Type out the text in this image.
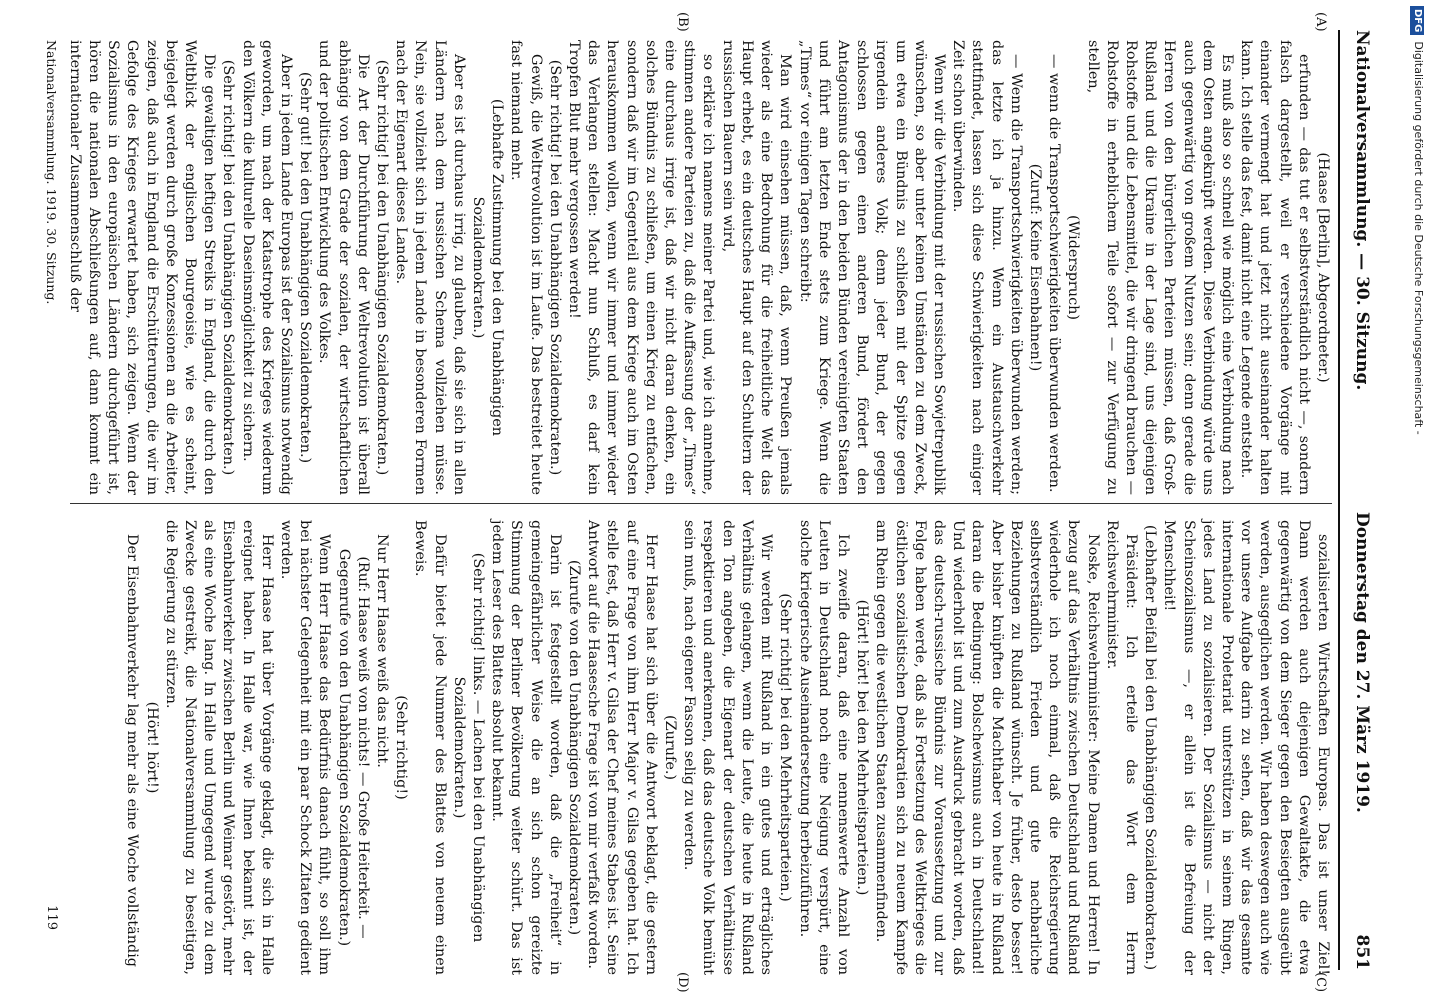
Nationalversammlung. — 30. Sitzung.
Donnerstag den 27. März 1919.
851
(A)
(B)
(C)
(D)

(Haase [Berlin], Abgeordneter.)

erfunden — das tut er selbstverständlich nicht —, sondern falsch dargestellt, weil er verschiedene Vorgänge mit einander vermengt hat und jetzt nicht auseinander halten kann. Ich stelle das fest, damit nicht eine Legende entsteht.

Es muß also so schnell wie möglich eine Verbindung nach dem Osten angeknüpft werden. Diese Verbindung würde uns auch gegenwärtig von großem Nutzen sein; denn gerade die Herren von den bürgerlichen Parteien müssen, daß Groß-Rußland und die Ukraine in der Lage sind, uns diejenigen Rohstoffe und die Lebensmittel, die wir dringend brauchen — Rohstoffe in erheblichem Teile sofort — zur Verfügung zu stellen,

(Widerspruch)

— wenn die Transportschwierigkeiten überwunden werden.

(Zuruf: Keine Eisenbahnen!)

— Wenn die Transportschwierigkeiten überwunden werden; das letzte ich ja hinzu. Wenn ein Austauschverkehr stattfindet, lassen sich diese Schwierigkeiten nach einiger Zeit schon überwinden.

Wenn wir die Verbindung mit der russischen Sowjetrepublik wünschen, so aber unter keinen Umständen zu dem Zweck, um etwa ein Bündnis zu schließen mit der Spitze gegen irgendein anderes Volk; denn jeder Bund, der gegen schlossen gegen einen anderen Bund, fördert den Antagonismus der in den beiden Bünden vereinigten Staaten und führt am letzten Ende stets zum Kriege. Wenn die „Times“ vor einigen Tagen schreibt:

Man wird einsehen müssen, daß, wenn Preußen jemals wieder als eine Bedrohung für die freiheitliche Welt das Haupt erhebt, es ein deutsches Haupt auf den Schultern der russischen Bauern sein wird,

so erkläre ich namens meiner Partei und, wie ich annehme, stimmen andere Parteien zu, daß die Auffassung der „Times“ eine durchaus irrige ist, daß wir nicht daran denken, ein solches Bündnis zu schließen, um einen Krieg zu entfachen, sondern daß wir im Gegenteil aus dem Kriege auch im Osten herauskommen wollen, wenn wir immer und immer wieder das Verlangen stellen: Macht nun Schluß, es darf kein Tropfen Blut mehr vergossen werden!

(Sehr richtig! bei den Unabhängigen Sozialdemokraten.)

Gewiß, die Weltrevolution ist im Laufe. Das bestreitet heute fast niemand mehr.

(Lebhafte Zustimmung bei den Unabhängigen Sozialdemokraten.)

Aber es ist durchaus irrig, zu glauben, daß sie sich in allen Ländern nach dem russischen Schema vollziehen müsse. Nein, sie vollzieht sich in jedem Lande in besonderen Formen nach der Eigenart dieses Landes.

(Sehr richtig! bei den Unabhängigen Sozialdemokraten.)

Die Art der Durchführung der Weltrevolution ist überall abhängig von dem Grade der sozialen, der wirtschaftlichen und der politischen Entwicklung des Volkes.

(Sehr gut! bei den Unabhängigen Sozialdemokraten.)

Aber in jedem Lande Europas ist der Sozialismus notwendig geworden, um nach der Katastrophe des Krieges wiederum den Völkern die kulturelle Daseinsmöglichkeit zu sichern.

(Sehr richtig! bei den Unabhängigen Sozialdemokraten.)

Die gewaltigen heftigen Streiks in England, die durch den Weltblick der englischen Bourgeoisie, wie es scheint, beigelegt werden durch große Konzessionen an die Arbeiter, zeigen, daß auch in England die Erschütterungen, die wir im Gefolge des Krieges erwartet haben, sich zeigen. Wenn der Sozialismus in den europäischen Ländern durchgeführt ist, hören die nationalen Abschließungen auf, dann kommt ein internationaler Zusammenschluß der

sozialisierten Wirtschaften Europas. Das ist unser Ziel! Dann werden auch diejenigen Gewaltakte, die etwa gegenwärtig von dem Sieger gegen den Besiegten ausgeübt werden, ausgeglichen werden. Wir haben deswegen auch wie vor unsere Aufgabe darin zu sehen, daß wir das gesamte internationale Proletariat unterstützen in seinem Ringen, jedes Land zu sozialisieren. Der Sozialismus — nicht der Scheinsozialismus —, er allein ist die Befreiung der Menschheit!

(Lebhafter Beifall bei den Unabhängigen Sozialdemokraten.)

Präsident: Ich erteile das Wort dem Herrn Reichswehrminister.

Noske, Reichswehrminister: Meine Damen und Herren! In bezug auf das Verhältnis zwischen Deutschland und Rußland wiederhole ich noch einmal, daß die Reichsregierung selbstverständlich Frieden und gute nachbarliche Beziehungen zu Rußland wünscht. Je früher, desto besser! Aber bisher knüpften die Machthaber von heute in Rußland daran die Bedingung: Bolschewismus auch in Deutschland! Und wiederholt ist und zum Ausdruck gebracht worden, daß das deutsch-russische Bündnis zur Voraussetzung und zur Folge haben werde, daß als Fortsetzung des Weltkrieges die östlichen sozialistischen Demokratien sich zu neuem Kampfe am Rhein gegen die westlichen Staaten zusammenfinden.

(Hört! hört! bei den Mehrheitsparteien.)

Ich zweifle daran, daß eine nennenswerte Anzahl von Leuten in Deutschland noch eine Neigung verspürt, eine solche kriegerische Auseinandersetzung herbeizuführen.

(Sehr richtig! bei den Mehrheitsparteien.)

Wir werden mit Rußland in ein gutes und erträgliches Verhältnis gelangen, wenn die Leute, die heute in Rußland den Ton angeben, die Eigenart der deutschen Verhältnisse respektieren und anerkennen, daß das deutsche Volk bemüht sein muß, nach eigener Fasson selig zu werden.

(Zurufe.)

Herr Haase hat sich über die Antwort beklagt, die gestern auf eine Frage von ihm Herr Major v. Gilsa gegeben hat. Ich stelle fest, daß Herr v. Gilsa der Chef meines Stabes ist. Seine Antwort auf die Haasesche Frage ist von mir verfaßt worden.

(Zurufe von den Unabhängigen Sozialdemokraten.)

Darin ist festgestellt worden, daß die „Freiheit“ in gemeingefährlicher Weise die an sich schon gereizte Stimmung der Berliner Bevölkerung weiter schürt. Das ist jedem Leser des Blattes absolut bekannt.

(Sehr richtig! links. — Lachen bei den Unabhängigen Sozialdemokraten.)

Dafür bietet jede Nummer des Blattes von neuem einen Beweis.

(Sehr richtig!)

Nur Herr Haase weiß das nicht.

(Ruf: Haase weiß von nichts! — Große Heiterkeit. — Gegenrufe von den Unabhängigen Sozialdemokraten.)

Wenn Herr Haase das Bedürfnis danach fühlt, so soll ihm bei nächster Gelegenheit mit ein paar Schock Zitaten gedient werden.

Herr Haase hat über Vorgänge geklagt, die sich in Halle ereignet haben. In Halle war, wie Ihnen bekannt ist, der Eisenbahnverkehr zwischen Berlin und Weimar gestört, mehr als eine Woche lang. In Halle und Umgegend wurde zu dem Zwecke gestreikt, die Nationalversammlung zu beseitigen, die Regierung zu stürzen.

(Hört! hört!)

Der Eisenbahnverkehr lag mehr als eine Woche vollständig

Nationalversammlung. 1919. 30. Sitzung.
119
DFGDigitalisierung gefördert durch die Deutsche Forschungsgemeinschaft -
